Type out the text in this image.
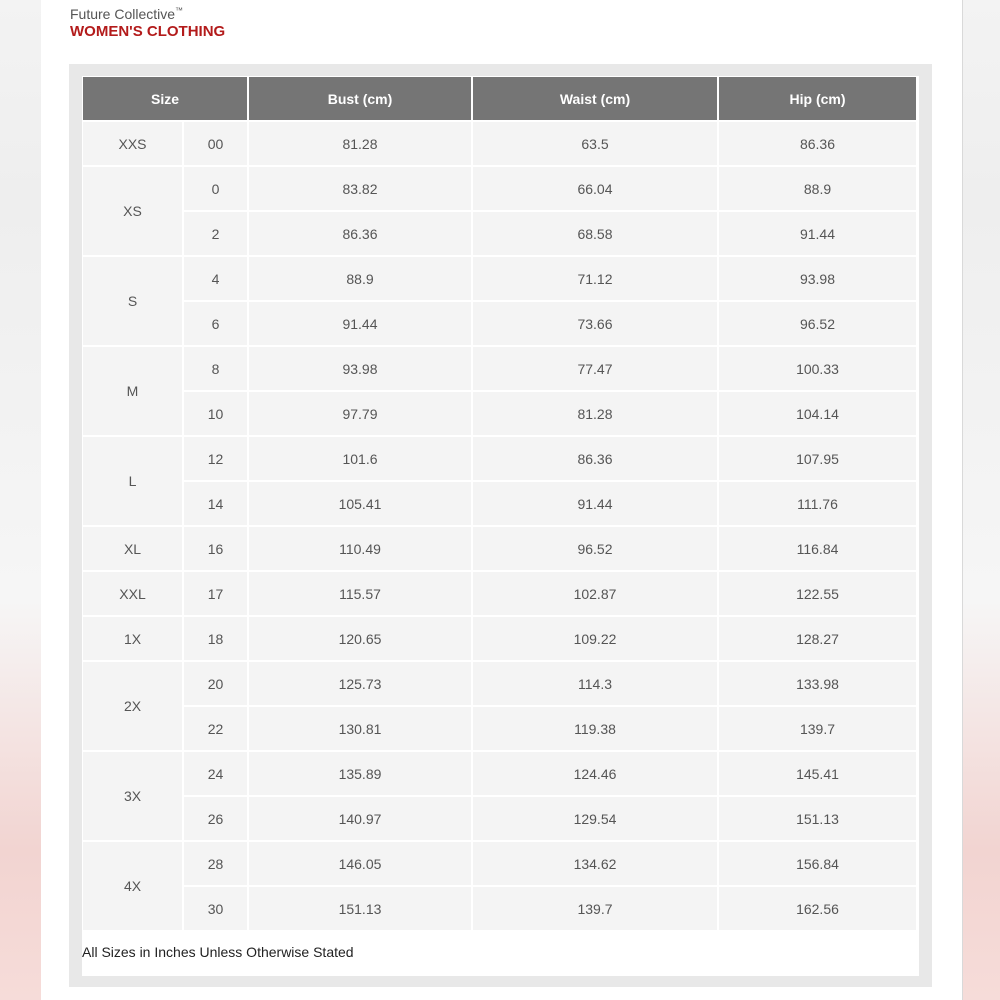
Future Collective™
WOMEN'S CLOTHING
Size		Bust (cm)	Waist (cm)	Hip (cm)
XXS	00	81.28	63.5	86.36
XS	0	83.82	66.04	88.9
	2	86.36	68.58	91.44
S	4	88.9	71.12	93.98
	6	91.44	73.66	96.52
M	8	93.98	77.47	100.33
	10	97.79	81.28	104.14
L	12	101.6	86.36	107.95
	14	105.41	91.44	111.76
XL	16	110.49	96.52	116.84
XXL	17	115.57	102.87	122.55
1X	18	120.65	109.22	128.27
2X	20	125.73	114.3	133.98
	22	130.81	119.38	139.7
3X	24	135.89	124.46	145.41
	26	140.97	129.54	151.13
4X	28	146.05	134.62	156.84
	30	151.13	139.7	162.56
All Sizes in Inches Unless Otherwise Stated
